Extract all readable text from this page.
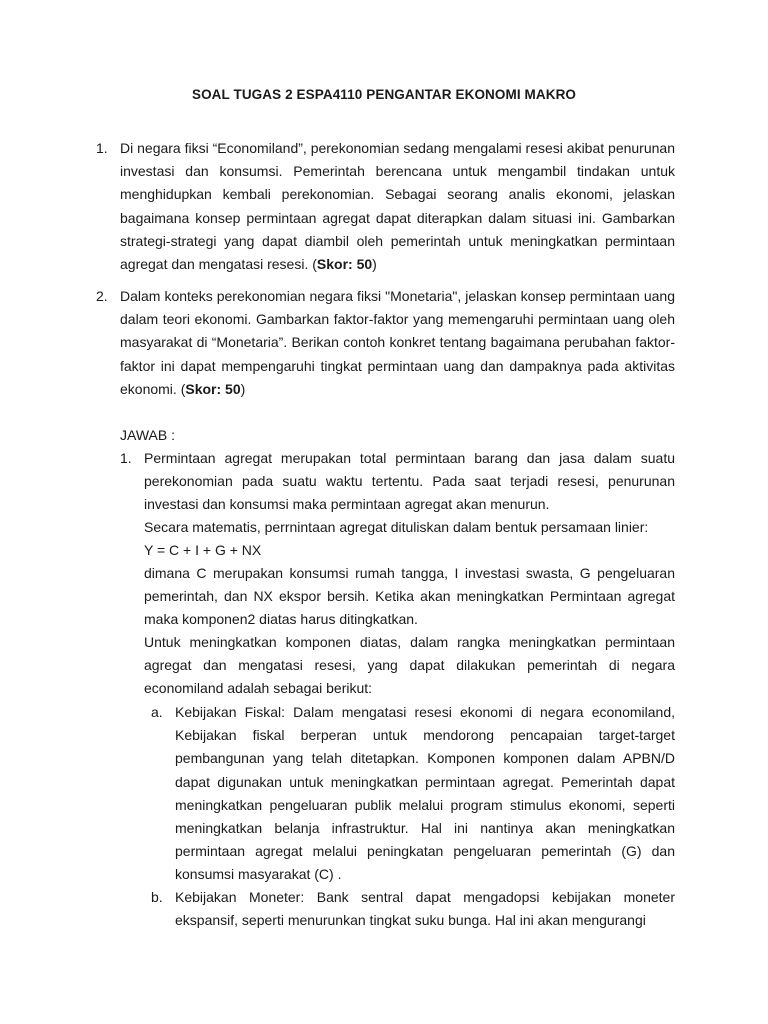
SOAL TUGAS 2 ESPA4110 PENGANTAR EKONOMI MAKRO
1. Di negara fiksi “Economiland”, perekonomian sedang mengalami resesi akibat penurunan investasi dan konsumsi. Pemerintah berencana untuk mengambil tindakan untuk menghidupkan kembali perekonomian. Sebagai seorang analis ekonomi, jelaskan bagaimana konsep permintaan agregat dapat diterapkan dalam situasi ini. Gambarkan strategi-strategi yang dapat diambil oleh pemerintah untuk meningkatkan permintaan agregat dan mengatasi resesi. (Skor: 50)
2. Dalam konteks perekonomian negara fiksi "Monetaria", jelaskan konsep permintaan uang dalam teori ekonomi. Gambarkan faktor-faktor yang memengaruhi permintaan uang oleh masyarakat di “Monetaria”. Berikan contoh konkret tentang bagaimana perubahan faktor-faktor ini dapat mempengaruhi tingkat permintaan uang dan dampaknya pada aktivitas ekonomi. (Skor: 50)
JAWAB :
1. Permintaan agregat merupakan total permintaan barang dan jasa dalam suatu perekonomian pada suatu waktu tertentu. Pada saat terjadi resesi, penurunan investasi dan konsumsi maka permintaan agregat akan menurun.
Secara matematis, perrnintaan agregat dituliskan dalam bentuk persamaan linier:
Y = C + I + G + NX
dimana C merupakan konsumsi rumah tangga, I investasi swasta, G pengeluaran pemerintah, dan NX ekspor bersih. Ketika akan meningkatkan Permintaan agregat maka komponen2 diatas harus ditingkatkan.
Untuk meningkatkan komponen diatas, dalam rangka meningkatkan permintaan agregat dan mengatasi resesi, yang dapat dilakukan pemerintah di negara economiland adalah sebagai berikut:
a. Kebijakan Fiskal: Dalam mengatasi resesi ekonomi di negara economiland, Kebijakan fiskal berperan untuk mendorong pencapaian target-target pembangunan yang telah ditetapkan. Komponen komponen dalam APBN/D dapat digunakan untuk meningkatkan permintaan agregat. Pemerintah dapat meningkatkan pengeluaran publik melalui program stimulus ekonomi, seperti meningkatkan belanja infrastruktur. Hal ini nantinya akan meningkatkan permintaan agregat melalui peningkatan pengeluaran pemerintah (G) dan konsumsi masyarakat (C) .
b. Kebijakan Moneter: Bank sentral dapat mengadopsi kebijakan moneter ekspansif, seperti menurunkan tingkat suku bunga. Hal ini akan mengurangi
